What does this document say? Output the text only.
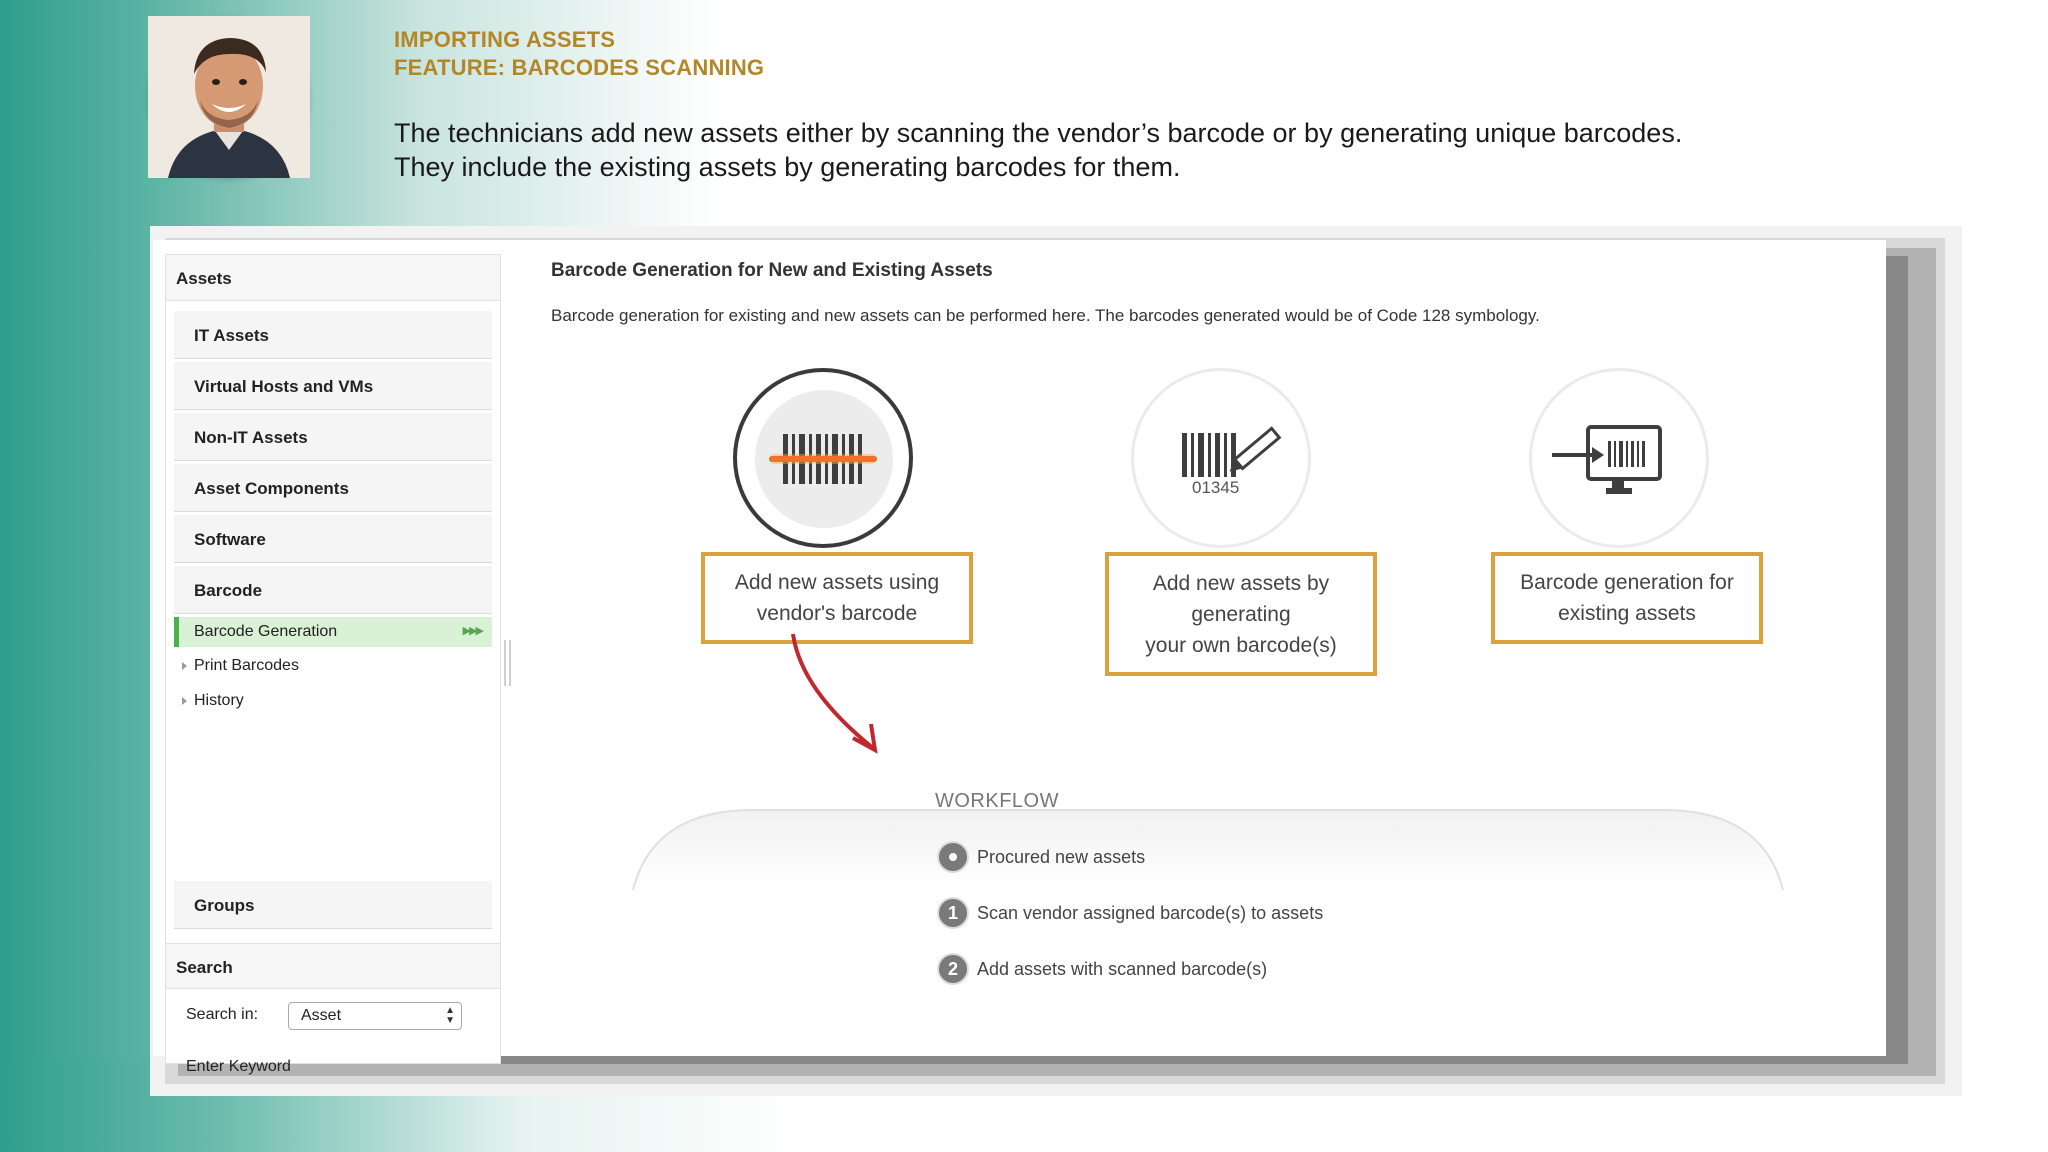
IMPORTING ASSETS
FEATURE: BARCODES SCANNING
The technicians add new assets either by scanning the vendor’s barcode or by generating unique barcodes.
They include the existing assets by generating barcodes for them.
Assets
IT Assets
Virtual Hosts and VMs
Non-IT Assets
Asset Components
Software
Barcode
Barcode Generation	▶▶▶
Print Barcodes
History
Groups
Search
Search in:	Asset	▲
▼
Enter Keyword
Barcode Generation for New and Existing Assets
Barcode generation for existing and new assets can be performed here. The barcodes generated would be of Code 128 symbology.
01345
Add new assets using
vendor's barcode
Add new assets by
generating
your own barcode(s)
Barcode generation for
existing assets
WORKFLOW
Procured new assets
1	Scan vendor assigned barcode(s) to assets
2	Add assets with scanned barcode(s)
